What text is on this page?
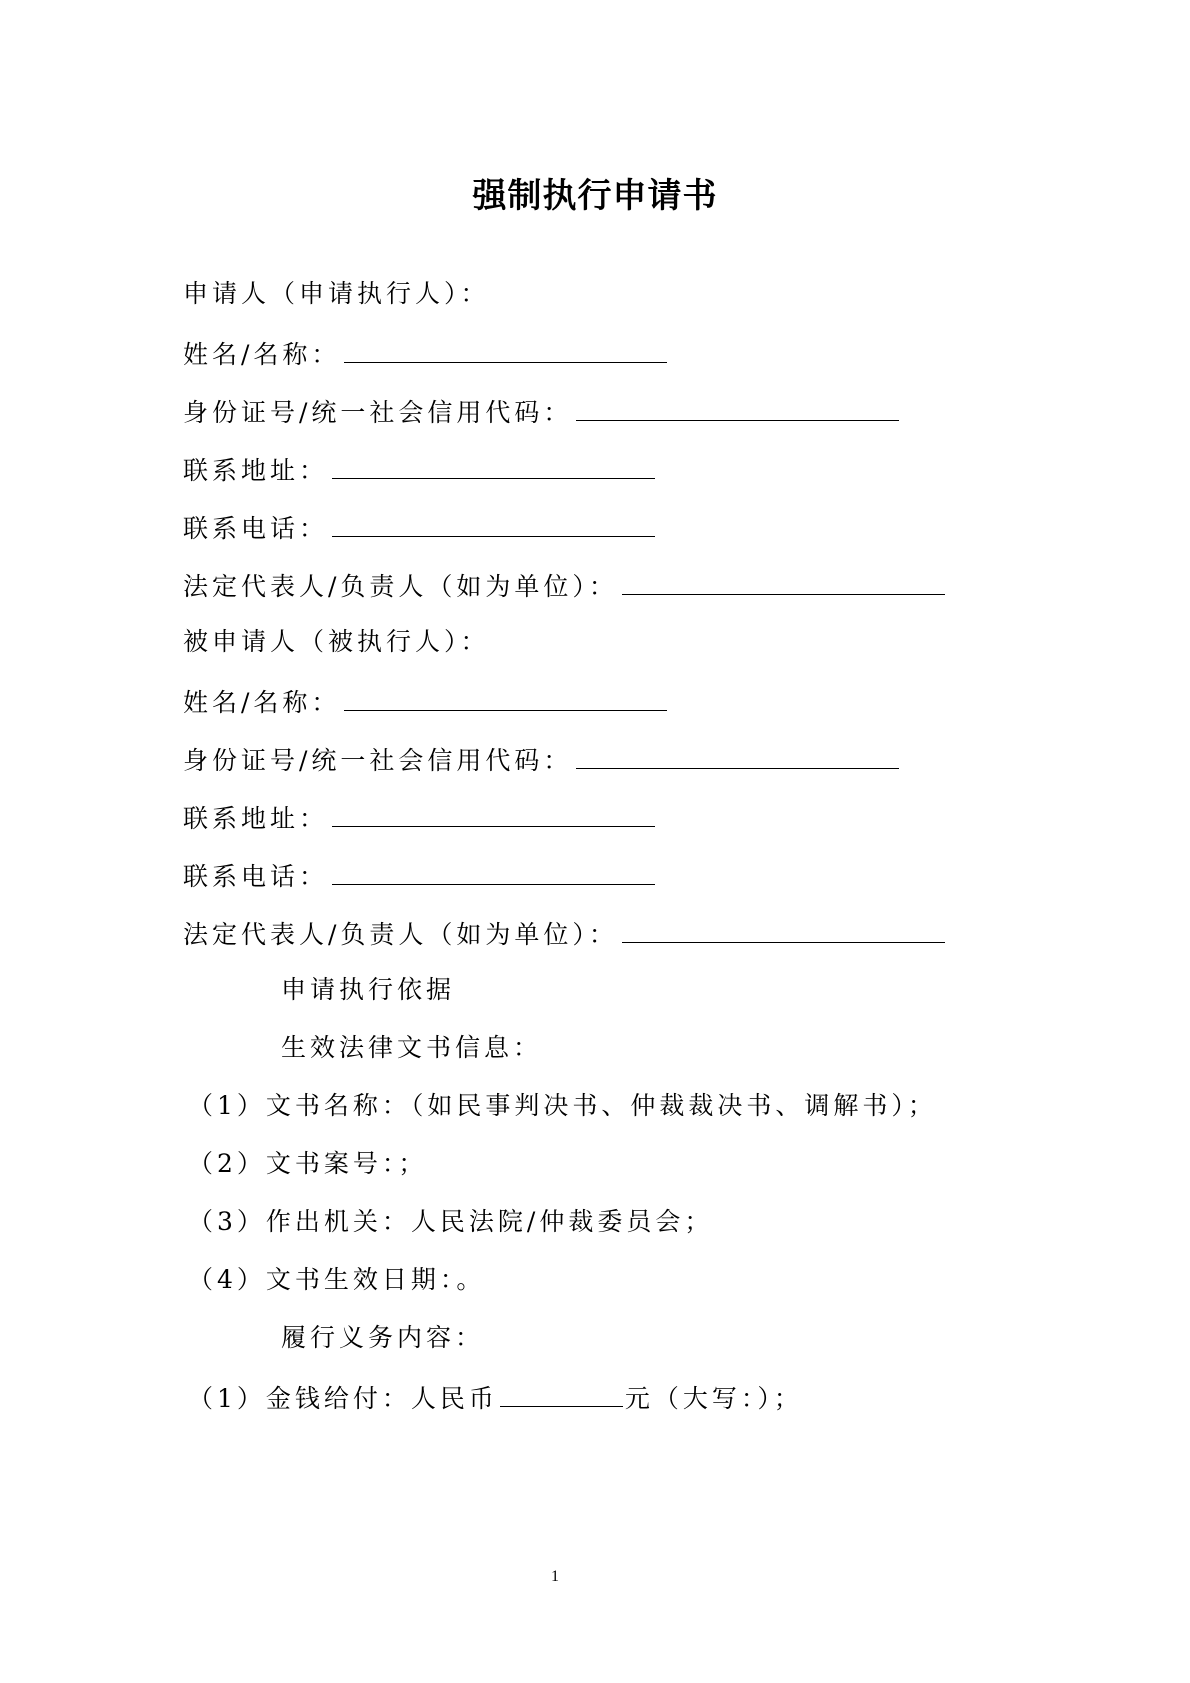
强制执行申请书
申请人（申请执行人）：
姓名/名称：
身份证号/统一社会信用代码：
联系地址：
联系电话：
法定代表人/负责人（如为单位）：
被申请人（被执行人）：
姓名/名称：
身份证号/统一社会信用代码：
联系地址：
联系电话：
法定代表人/负责人（如为单位）：
申请执行依据
生效法律文书信息：
（1）文书名称：（如民事判决书、仲裁裁决书、调解书）；
（2）文书案号：；
（3）作出机关：人民法院/仲裁委员会；
（4）文书生效日期：。
履行义务内容：
（1）金钱给付：人民币	元（大写：）；
1
